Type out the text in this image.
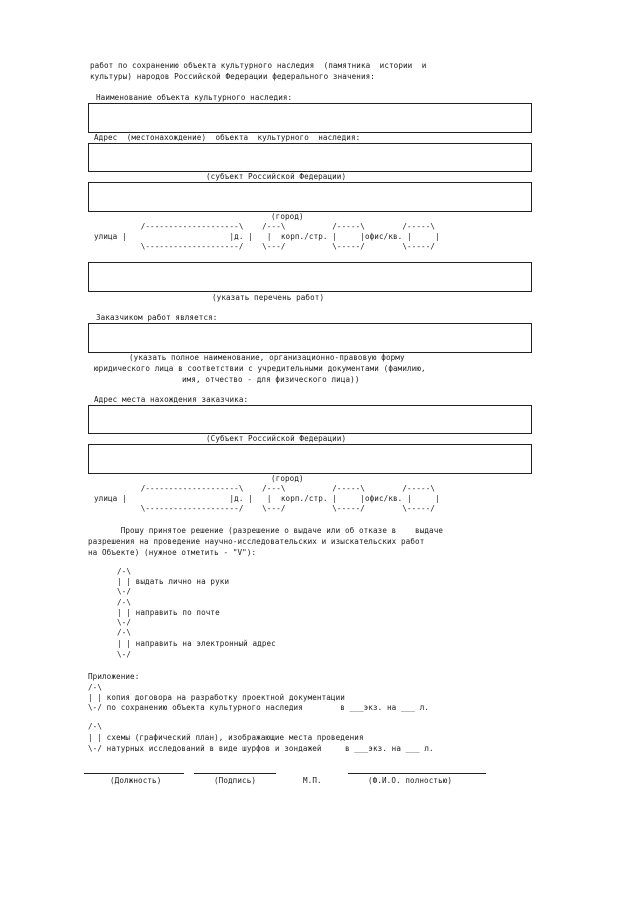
работ по сохранению объекта культурного наследия  (памятника  истории  и
культуры) народов Российской Федерации федерального значения:
Наименование объекта культурного наследия:
Адрес  (местонахождение)  объекта  культурного  наследия:
(субъект Российской Федерации)
(город)
/--------------------\    /---\          /-----\        /-----\
улица |                      |д. |   |  корп./стр. |     |офис/кв. |     |
\--------------------/    \---/          \-----/        \-----/
(указать перечень работ)
Заказчиком работ является:
(указать полное наименование, организационно-правовую форму
юридического лица в соответствии с учредительными документами (фамилию,
имя, отчество - для физического лица))
Адрес места нахождения заказчика:
(Субъект Российской Федерации)
(город)
/--------------------\    /---\          /-----\        /-----\
улица |                      |д. |   |  корп./стр. |     |офис/кв. |     |
\--------------------/    \---/          \-----/        \-----/
Прошу принятое решение (разрешение о выдаче или об отказе в    выдаче
разрешения на проведение научно-исследовательских и изыскательских работ
на Объекте) (нужное отметить - "V"):
/-\
| | выдать лично на руки
\-/
/-\
| | направить по почте
\-/
/-\
| | направить на электронный адрес
\-/
Приложение:
/-\
| | копия договора на разработку проектной документации
\-/ по сохранению объекта культурного наследия        в ___экз. на ___ л.
/-\
| | схемы (графический план), изображающие места проведения
\-/ натурных исследований в виде шурфов и зондажей     в ___экз. на ___ л.
(Должность)	(Подпись)	М.П.	(Ф.И.О. полностью)
